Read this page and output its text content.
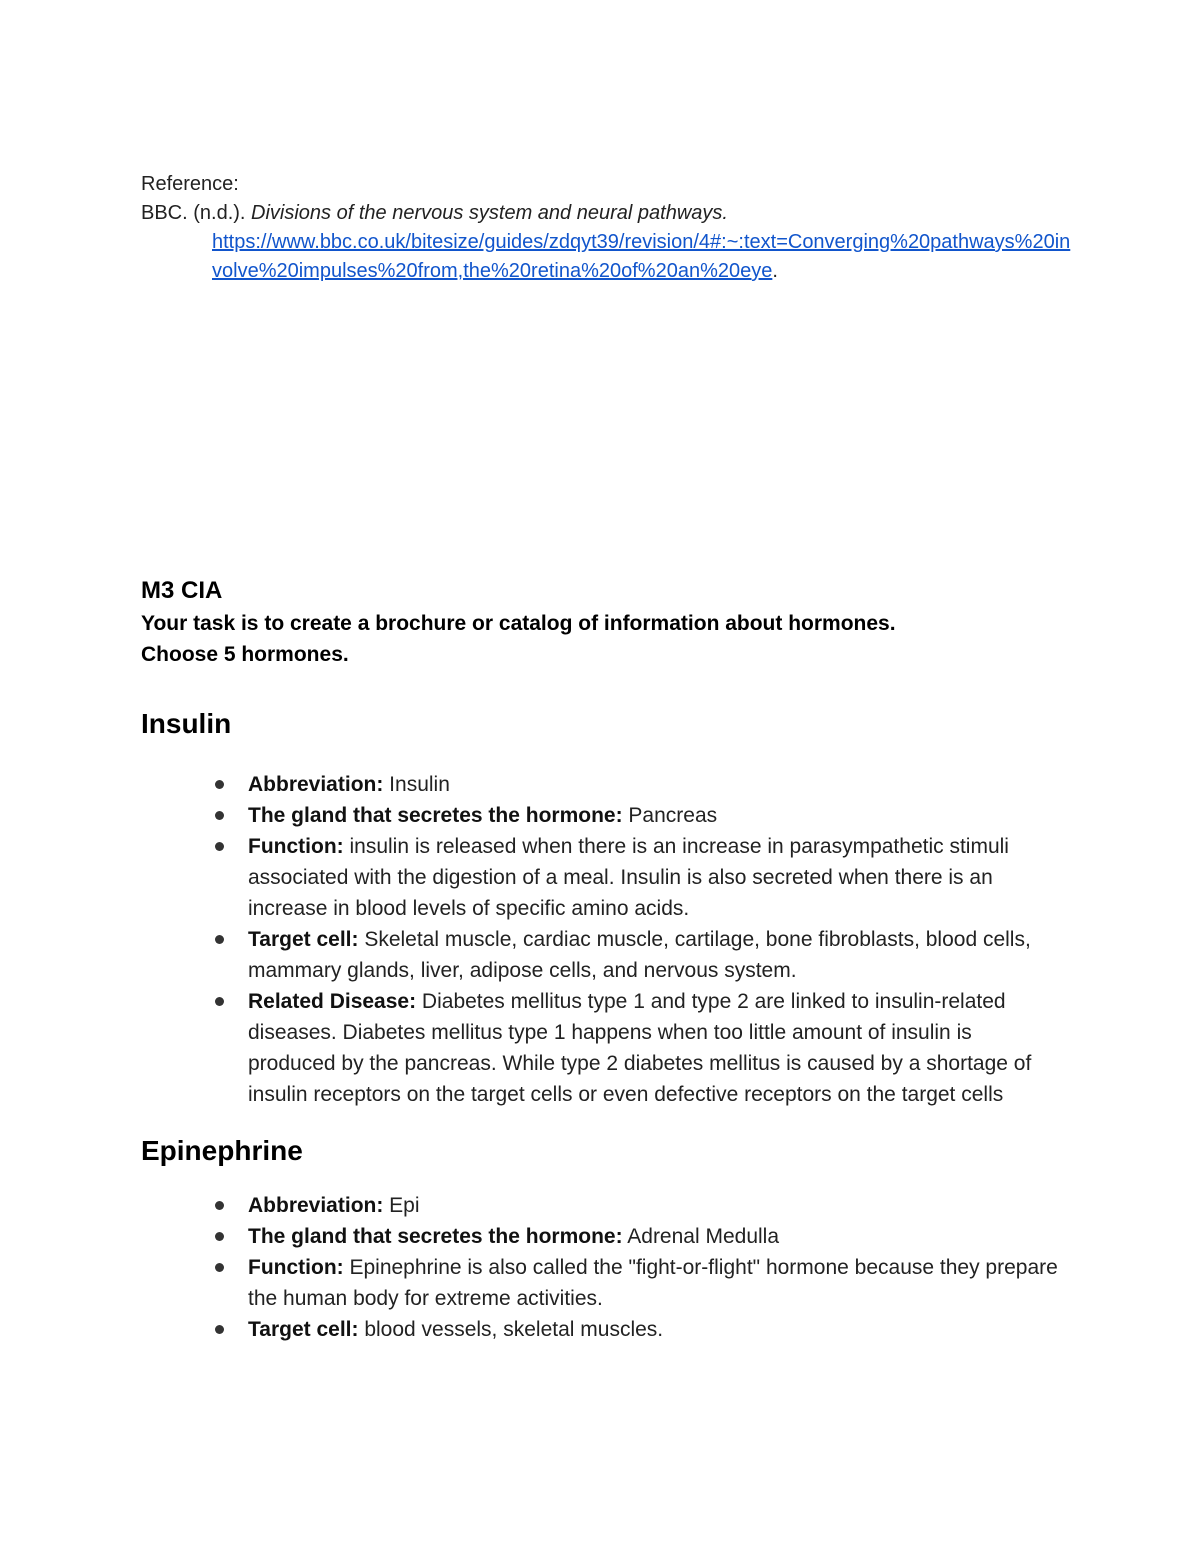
Reference:
BBC. (n.d.). Divisions of the nervous system and neural pathways.
https://www.bbc.co.uk/bitesize/guides/zdqyt39/revision/4#:~:text=Converging%20pathways%20involve%20impulses%20from,the%20retina%20of%20an%20eye.
M3 CIA

Your task is to create a brochure or catalog of information about hormones.

Choose 5 hormones.

Insulin
Abbreviation: Insulin
The gland that secretes the hormone: Pancreas
Function: insulin is released when there is an increase in parasympathetic stimuli associated with the digestion of a meal. Insulin is also secreted when there is an increase in blood levels of specific amino acids.
Target cell: Skeletal muscle, cardiac muscle, cartilage, bone fibroblasts, blood cells, mammary glands, liver, adipose cells, and nervous system.
Related Disease: Diabetes mellitus type 1 and type 2 are linked to insulin-related diseases. Diabetes mellitus type 1 happens when too little amount of insulin is produced by the pancreas. While type 2 diabetes mellitus is caused by a shortage of insulin receptors on the target cells or even defective receptors on the target cells
Epinephrine
Abbreviation: Epi
The gland that secretes the hormone: Adrenal Medulla
Function: Epinephrine is also called the "fight-or-flight" hormone because they prepare the human body for extreme activities.
Target cell: blood vessels, skeletal muscles.
